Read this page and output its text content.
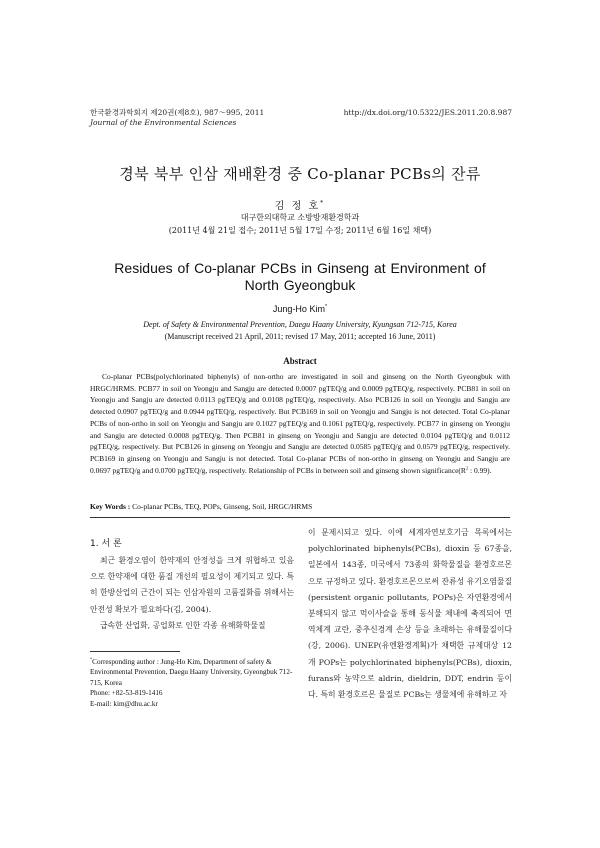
한국환경과학회지 제20권(제8호), 987～995, 2011
Journal of the Environmental Sciences
http://dx.doi.org/10.5322/JES.2011.20.8.987
경북 북부 인삼 재배환경 중 Co-planar PCBs의 잔류
김 정 호*
대구한의대학교 소방방재환경학과
(2011년 4월 21일 접수; 2011년 5월 17일 수정; 2011년 6월 16일 채택)
Residues of Co-planar PCBs in Ginseng at Environment of North Gyeongbuk
Jung-Ho Kim*
Dept. of Safety & Environmental Prevention, Daegu Haany University, Kyungsan 712-715, Korea
(Manuscript received 21 April, 2011; revised 17 May, 2011; accepted 16 June, 2011)
Abstract

Co-planar PCBs(polychlorinated biphenyls) of non-ortho are investigated in soil and ginseng on the North Gyeongbuk with HRGC/HRMS. PCB77 in soil on Yeongju and Sangju are detected 0.0007 pgTEQ/g and 0.0009 pgTEQ/g, respectively. PCB81 in soil on Yeongju and Sangju are detected 0.0113 pgTEQ/g and 0.0108 pgTEQ/g, respectively. Also PCB126 in soil on Yeongju and Sangju are detected 0.0907 pgTEQ/g and 0.0944 pgTEQ/g, respectively. But PCB169 in soil on Yeongju and Sangju is not detected. Total Co-planar PCBs of non-ortho in soil on Yeongju and Sangju are 0.1027 pgTEQ/g and 0.1061 pgTEQ/g, respectively. PCB77 in ginseng on Yeongju and Sangju are detected 0.0008 pgTEQ/g. Then PCB81 in ginseng on Yeongju and Sangju are detected 0.0104 pgTEQ/g and 0.0112 pgTEQ/g, respectively. But PCB126 in ginseng on Yeongju and Sangju are detected 0.0585 pgTEQ/g and 0.0579 pgTEQ/g, respectively. PCB169 in ginseng on Yeongju and Sangju is not detected. Total Co-planar PCBs of non-ortho in ginseng on Yeongju and Sangju are 0.0697 pgTEQ/g and 0.0700 pgTEQ/g, respectively. Relationship of PCBs in between soil and ginseng shown $significance(R^2$ : 0.99).

Key Words : Co-planar PCBs, TEQ, POPs, Ginseng, Soil, HRGC/HRMS
1. 서 론

최근 환경오염이 한약재의 안정성을 크게 위협하고 있음으로 한약재에 대한 품질 개선의 필요성이 제기되고 있다. 특히 한방산업의 근간이 되는 인삼자원의 고품질화를 위해서는 안전성 확보가 필요하다(김, 2004).

급속한 산업화, 공업화로 인한 각종 유해화학물질

이 문제시되고 있다. 이에 세계자연보호기금 목록에서는 polychlorinated biphenyls(PCBs), dioxin 등 67종을, 일본에서 143종, 미국에서 73종의 화학물질을 환경호르몬으로 규정하고 있다. 환경호르몬으로써 잔류성 유기오염물질(persistent organic pollutants, POPs)은 자연환경에서 분해되지 않고 먹이사슬을 통해 동식물 체내에 축적되어 면역체계 교란, 중추신경계 손상 등을 초래하는 유해물질이다(강, 2006). UNEP(유엔환경계획)가 채택한 규제대상 12개 POPs는 polychlorinated biphenyls(PCBs), dioxin, furans와 농약으로 aldrin, dieldrin, DDT, endrin 등이다. 특히 환경호르몬 물질로 PCBs는 생물체에 유해하고 자

*Corresponding author : Jung-Ho Kim, Department of safety & Environmental Prevention, Daegu Haany University, Gyeongbuk 712-715, Korea
Phone: +82-53-819-1416
E-mail: kim@dhu.ac.kr
